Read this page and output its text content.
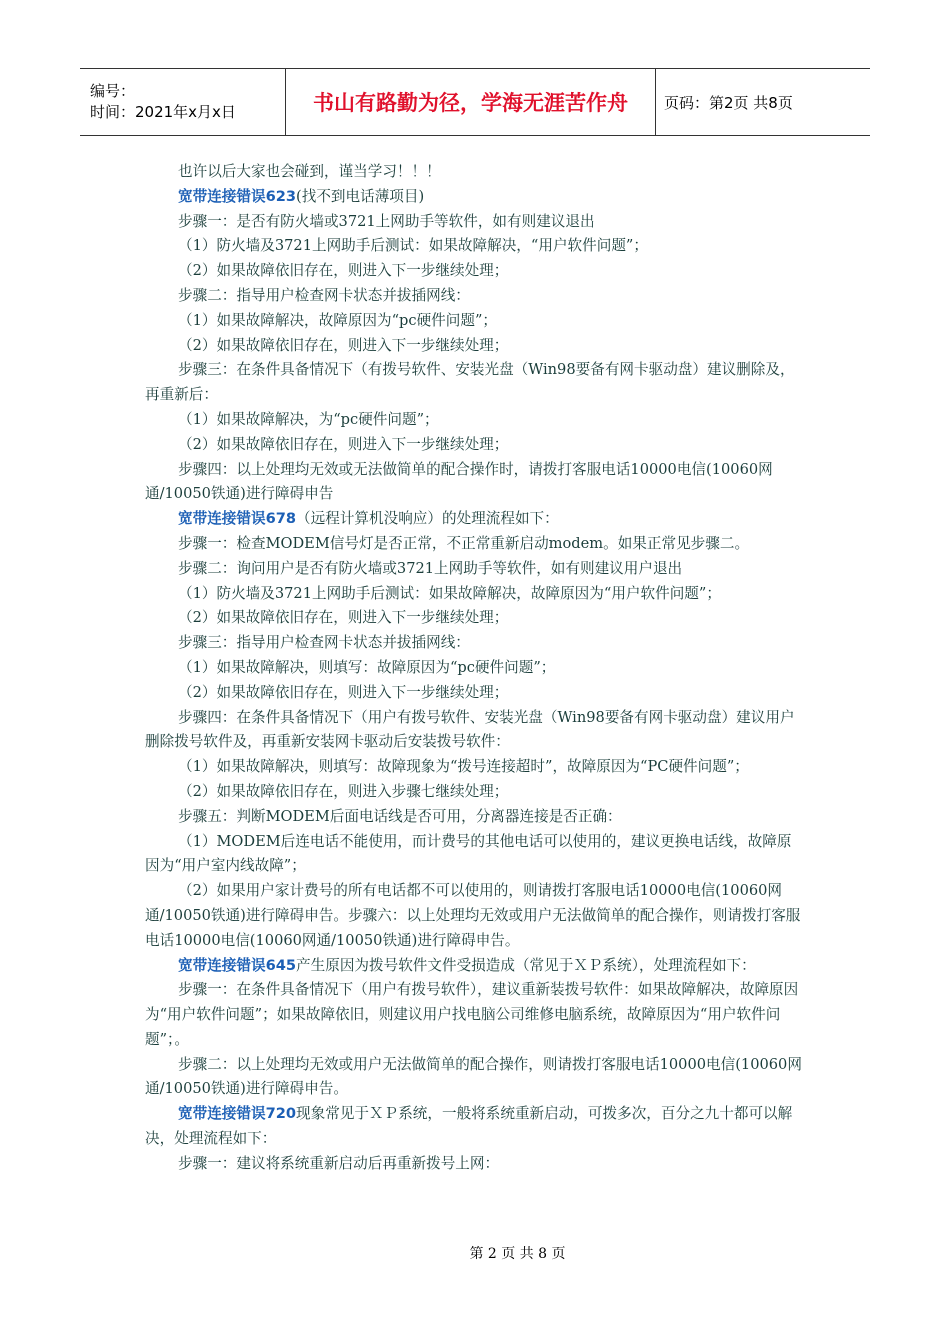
编号：
时间：2021年x月x日	书山有路勤为径，学海无涯苦作舟 页码：第2页 共8页
也许以后大家也会碰到，谨当学习！！！
宽带连接错误623(找不到电话薄项目)
步骤一：是否有防火墙或3721上网助手等软件，如有则建议退出
（1）防火墙及3721上网助手后测试：如果故障解决，“用户软件问题”；
（2）如果故障依旧存在，则进入下一步继续处理；
步骤二：指导用户检查网卡状态并拔插网线：
（1）如果故障解决，故障原因为“pc硬件问题”；
（2）如果故障依旧存在，则进入下一步继续处理；
步骤三：在条件具备情况下（有拨号软件、安装光盘（Win98要备有网卡驱动盘）建议删除及，再重新后：
（1）如果故障解决，为“pc硬件问题”；
（2）如果故障依旧存在，则进入下一步继续处理；
步骤四：以上处理均无效或无法做简单的配合操作时，请拨打客服电话10000电信(10060网通/10050铁通)进行障碍申告
宽带连接错误678（远程计算机没响应）的处理流程如下：
步骤一：检查MODEM信号灯是否正常，不正常重新启动modem。如果正常见步骤二。
步骤二：询问用户是否有防火墙或3721上网助手等软件，如有则建议用户退出
（1）防火墙及3721上网助手后测试：如果故障解决，故障原因为“用户软件问题”；
（2）如果故障依旧存在，则进入下一步继续处理；
步骤三：指导用户检查网卡状态并拔插网线：
（1）如果故障解决，则填写：故障原因为“pc硬件问题”；
（2）如果故障依旧存在，则进入下一步继续处理；
步骤四：在条件具备情况下（用户有拨号软件、安装光盘（Win98要备有网卡驱动盘）建议用户删除拨号软件及，再重新安装网卡驱动后安装拨号软件：
（1）如果故障解决，则填写：故障现象为“拨号连接超时”，故障原因为“PC硬件问题”；
（2）如果故障依旧存在，则进入步骤七继续处理；
步骤五：判断MODEM后面电话线是否可用，分离器连接是否正确：
（1）MODEM后连电话不能使用，而计费号的其他电话可以使用的，建议更换电话线，故障原因为“用户室内线故障”；
（2）如果用户家计费号的所有电话都不可以使用的，则请拨打客服电话10000电信(10060网通/10050铁通)进行障碍申告。步骤六：以上处理均无效或用户无法做简单的配合操作，则请拨打客服电话10000电信(10060网通/10050铁通)进行障碍申告。
宽带连接错误645产生原因为拨号软件文件受损造成（常见于ＸＰ系统），处理流程如下：
步骤一：在条件具备情况下（用户有拨号软件），建议重新装拨号软件：如果故障解决，故障原因为“用户软件问题”；如果故障依旧，则建议用户找电脑公司维修电脑系统，故障原因为“用户软件问题”；。
步骤二：以上处理均无效或用户无法做简单的配合操作，则请拨打客服电话10000电信(10060网通/10050铁通)进行障碍申告。
宽带连接错误720现象常见于ＸＰ系统，一般将系统重新启动，可拨多次，百分之九十都可以解决，处理流程如下：
步骤一：建议将系统重新启动后再重新拨号上网：
第 2 页 共 8 页
